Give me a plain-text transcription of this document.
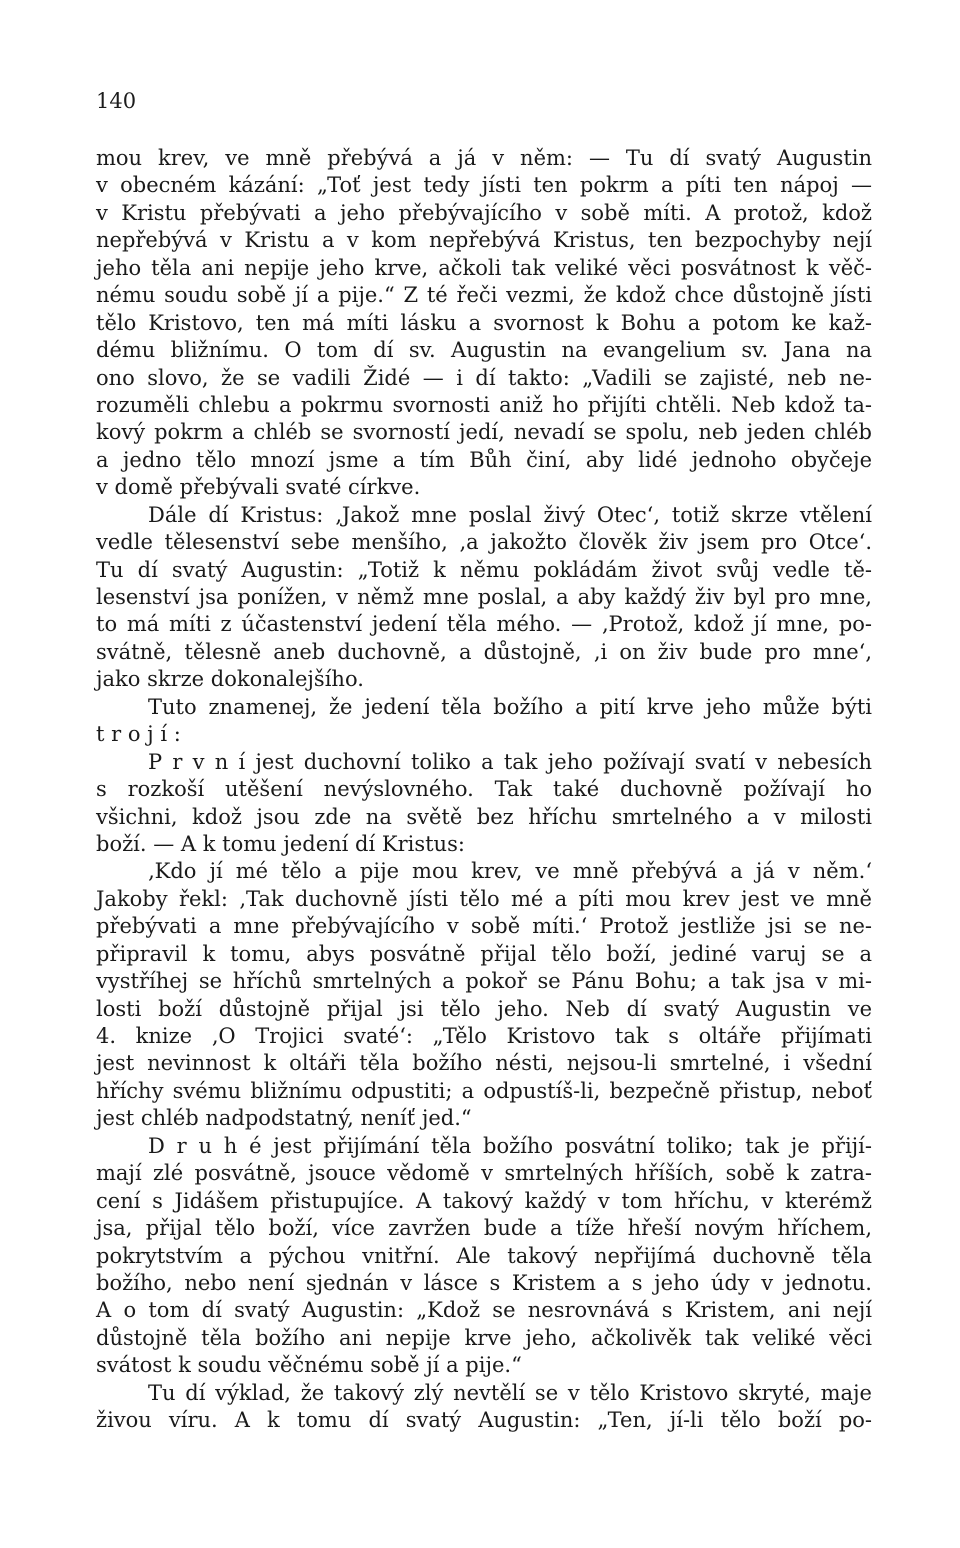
140
mou krev, ve mně přebývá a já v něm: — Tu dí svatý Augustin
v obecném kázání: „Toť jest tedy jísti ten pokrm a píti ten nápoj —
v Kristu přebývati a jeho přebývajícího v sobě míti. A protož, kdož
nepřebývá v Kristu a v kom nepřebývá Kristus, ten bezpochyby nejí
jeho těla ani nepije jeho krve, ačkoli tak veliké věci posvátnost k věč-
nému soudu sobě jí a pije.“ Z té řeči vezmi, že kdož chce důstojně jísti
tělo Kristovo, ten má míti lásku a svornost k Bohu a potom ke kaž-
dému bližnímu. O tom dí sv. Augustin na evangelium sv. Jana na
ono slovo, že se vadili Židé — i dí takto: „Vadili se zajisté, neb ne-
rozuměli chlebu a pokrmu svornosti aniž ho přijíti chtěli. Neb kdož ta-
kový pokrm a chléb se svorností jedí, nevadí se spolu, neb jeden chléb
a jedno tělo mnozí jsme a tím Bůh činí, aby lidé jednoho obyčeje
v domě přebývali svaté církve.
Dále dí Kristus: ‚Jakož mne poslal živý Otec‘, totiž skrze vtělení
vedle tělesenství sebe menšího, ‚a jakožto člověk živ jsem pro Otce‘.
Tu dí svatý Augustin: „Totiž k němu pokládám život svůj vedle tě-
lesenství jsa ponížen, v němž mne poslal, a aby každý živ byl pro mne,
to má míti z účastenství jedení těla mého. — ‚Protož, kdož jí mne, po-
svátně, tělesně aneb duchovně, a důstojně, ‚i on živ bude pro mne‘,
jako skrze dokonalejšího.
Tuto znamenej, že jedení těla božího a pití krve jeho může býti
t r o j í :
P r v n í jest duchovní toliko a tak jeho požívají svatí v nebesích
s rozkoší utěšení nevýslovného. Tak také duchovně požívají ho
všichni, kdož jsou zde na světě bez hříchu smrtelného a v milosti
boží. — A k tomu jedení dí Kristus:
‚Kdo jí mé tělo a pije mou krev, ve mně přebývá a já v něm.‘
Jakoby řekl: ‚Tak duchovně jísti tělo mé a píti mou krev jest ve mně
přebývati a mne přebývajícího v sobě míti.‘ Protož jestliže jsi se ne-
připravil k tomu, abys posvátně přijal tělo boží, jediné varuj se a
vystříhej se hříchů smrtelných a pokoř se Pánu Bohu; a tak jsa v mi-
losti boží důstojně přijal jsi tělo jeho. Neb dí svatý Augustin ve
4. knize ‚O Trojici svaté‘: „Tělo Kristovo tak s oltáře přijímati
jest nevinnost k oltáři těla božího nésti, nejsou-li smrtelné, i všední
hříchy svému bližnímu odpustiti; a odpustíš-li, bezpečně přistup, neboť
jest chléb nadpodstatný, neníť jed.“
D r u h é jest přijímání těla božího posvátní toliko; tak je přijí-
mají zlé posvátně, jsouce vědomě v smrtelných hříších, sobě k zatra-
cení s Jidášem přistupujíce. A takový každý v tom hříchu, v kterémž
jsa, přijal tělo boží, více zavržen bude a tíže hřeší novým hříchem,
pokrytstvím a pýchou vnitřní. Ale takový nepřijímá duchovně těla
božího, nebo není sjednán v lásce s Kristem a s jeho údy v jednotu.
A o tom dí svatý Augustin: „Kdož se nesrovnává s Kristem, ani nejí
důstojně těla božího ani nepije krve jeho, ačkolivěk tak veliké věci
svátost k soudu věčnému sobě jí a pije.“
Tu dí výklad, že takový zlý nevtělí se v tělo Kristovo skryté, maje
živou víru. A k tomu dí svatý Augustin: „Ten, jí-li tělo boží po-
